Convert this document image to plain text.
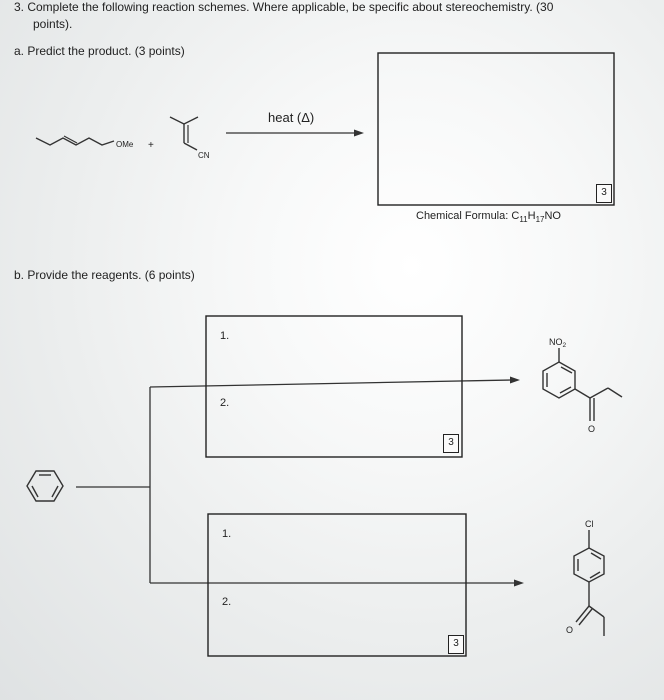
3. Complete the following reaction schemes. Where applicable, be specific about stereochemistry. (30
points).
a. Predict the product. (3 points)
b. Provide the reagents. (6 points)
OMe +
CN
$NO_2$
O
Cl
O
heat (Δ)
Chemical Formula: $C_{11}H_{17}NO$
3
1.
2.
1.
2.
3
3
